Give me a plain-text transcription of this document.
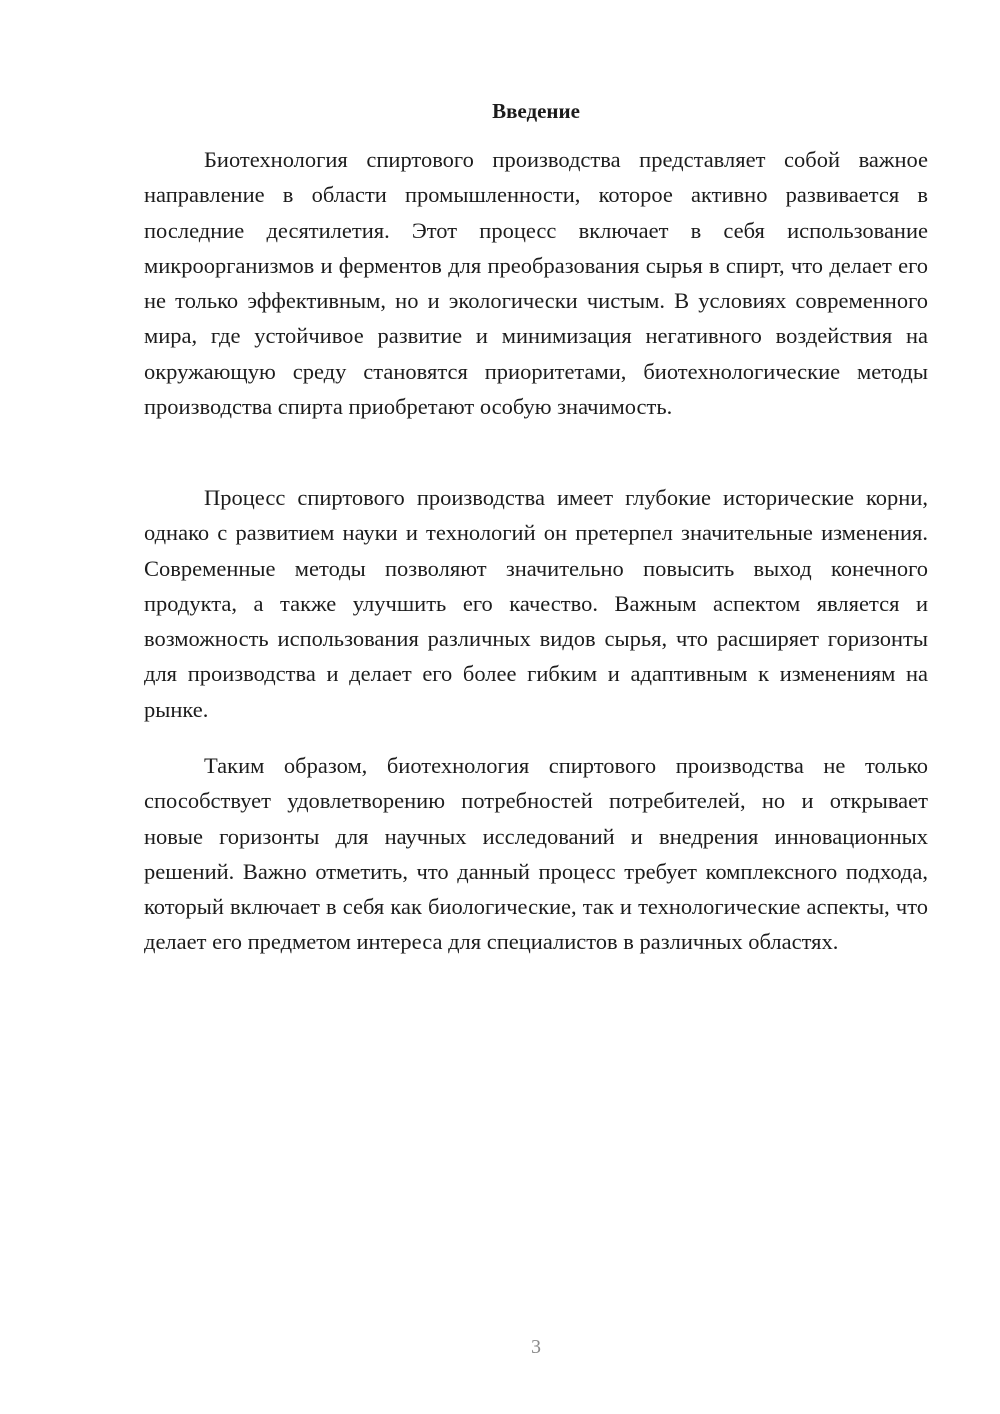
Введение

Биотехнология спиртового производства представляет собой важное направление в области промышленности, которое активно развивается в последние десятилетия. Этот процесс включает в себя использование микроорганизмов и ферментов для преобразования сырья в спирт, что делает его не только эффективным, но и экологически чистым. В условиях современного мира, где устойчивое развитие и минимизация негативного воздействия на окружающую среду становятся приоритетами, биотехнологические методы производства спирта приобретают особую значимость.

Процесс спиртового производства имеет глубокие исторические корни, однако с развитием науки и технологий он претерпел значительные изменения. Современные методы позволяют значительно повысить выход конечного продукта, а также улучшить его качество. Важным аспектом является и возможность использования различных видов сырья, что расширяет горизонты для производства и делает его более гибким и адаптивным к изменениям на рынке.

Таким образом, биотехнология спиртового производства не только способствует удовлетворению потребностей потребителей, но и открывает новые горизонты для научных исследований и внедрения инновационных решений. Важно отметить, что данный процесс требует комплексного подхода, который включает в себя как биологические, так и технологические аспекты, что делает его предметом интереса для специалистов в различных областях.

3
